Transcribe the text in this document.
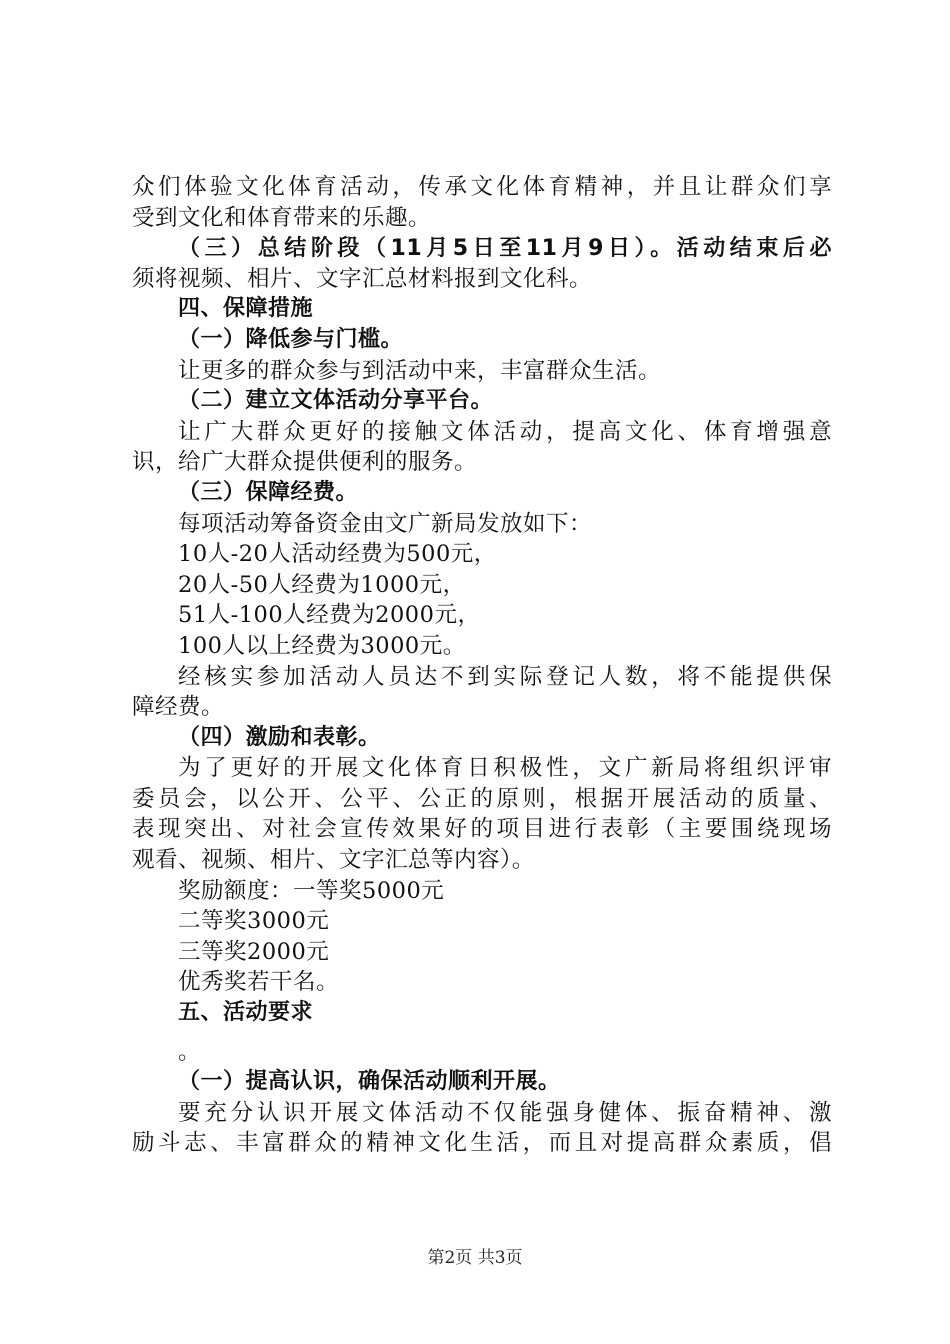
众们体验文化体育活动，传承文化体育精神，并且让群众们享
受到文化和体育带来的乐趣。
（三）总结阶段（11月5日至11月9日）。活动结束后必
须将视频、相片、文字汇总材料报到文化科。
四、保障措施
（一）降低参与门槛。
让更多的群众参与到活动中来，丰富群众生活。
（二）建立文体活动分享平台。
让广大群众更好的接触文体活动，提高文化、体育增强意
识，给广大群众提供便利的服务。
（三）保障经费。
每项活动筹备资金由文广新局发放如下：
10人-20人活动经费为500元，
20人-50人经费为1000元，
51人-100人经费为2000元，
100人以上经费为3000元。
经核实参加活动人员达不到实际登记人数，将不能提供保
障经费。
（四）激励和表彰。
为了更好的开展文化体育日积极性，文广新局将组织评审
委员会，以公开、公平、公正的原则，根据开展活动的质量、
表现突出、对社会宣传效果好的项目进行表彰（主要围绕现场
观看、视频、相片、文字汇总等内容）。
奖励额度：一等奖5000元
二等奖3000元
三等奖2000元
优秀奖若干名。
五、活动要求
。
（一）提高认识，确保活动顺利开展。
要充分认识开展文体活动不仅能强身健体、振奋精神、激
励斗志、丰富群众的精神文化生活，而且对提高群众素质，倡
第2页 共3页
